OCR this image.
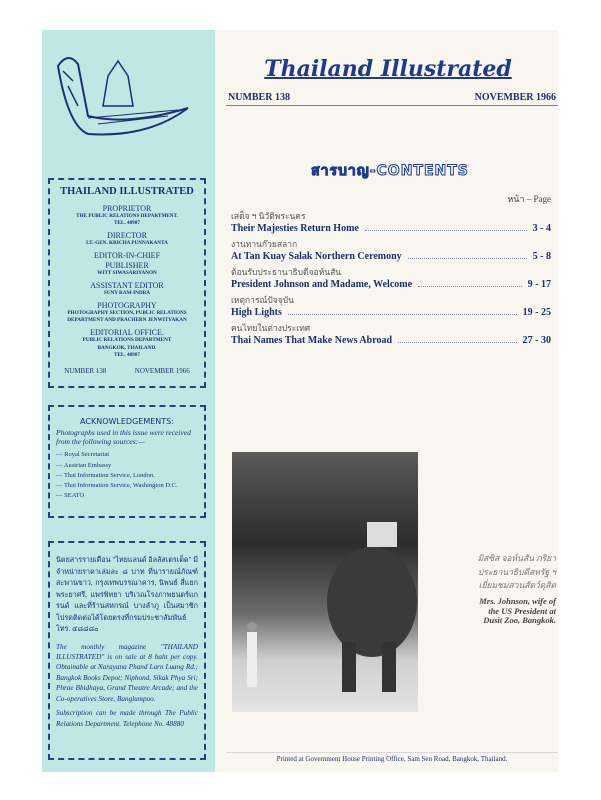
THAILAND ILLUSTRATED

PROPRIETOR

THE PUBLIC RELATIONS DEPARTMENT.

TEL. 40987

DIRECTOR

LT.-GEN. KRICHA PUNNAKANTA

EDITOR-IN-CHIEF

PUBLISHER

WITT SIWASARIYANON

ASSISTANT EDITOR

SUNY RAM-INDRA

PHOTOGRAPHY

PHOTOGRAPHY SECTION, PUBLIC RELATIONS

DEPARTMENT AND PRACHERN JENWITYAKAN

EDITORIAL OFFICE.

PUBLIC RELATIONS DEPARTMENT

BANGKOK, THAILAND.

TEL. 40987

NUMBER 138	NOVEMBER 1966

ACKNOWLEDGEMENTS:

Photographs used in this issue were received from the following sources:—

— Royal Secretariat
— Austrian Embassy
— Thai Information Service, London.
— Thai Information Service, Washington D.C.
— SEATO

นิตยสารรายเดือน "ไทยแลนด์ อิลลัสเตรเต็ด" มีจำหน่ายราคาเล่มละ ๘ บาท ที่นารายณ์ภัณฑ์ สะพานขาว, กรุงเทพบรรณาคาร, นิพนธ์ สี่แยกพระยาศรี, แพร่พิทยา บริเวณโรงภาพยนตร์แกรนด์ และที่ร้านสหกรณ์ บางลำภู เป็นสมาชิกโปรดติดต่อได้โดยตรงที่กรมประชาสัมพันธ์ โทร. ๔๘๘๘๐

The monthly magazine "THAILAND ILLUSTRATED" is on sale at 8 baht per copy. Obtainable at Narayana Phand Larn Luang Rd.; Bangkok Books Depot; Niphond, Sikak Phya Sri; Phrae Bhidhaya, Grand Theatre Arcade; and the Co-operatives Store, Banglumpoo.

Subscription can be made through The Public Relations Department. Telephone No. 48880

Thailand Illustrated
NUMBER 138	NOVEMBER 1966
สารบาญ-CONTENTS
หน้า – Page
เสด็จ ฯ นิวัติพระนคร
Their Majesties Return Home	3 - 4
งานทานก๊วยสลาก
At Tan Kuay Salak Northern Ceremony	5 - 8
ต้อนรับประธานาธิบดีจอห์นสัน
President Johnson and Madame, Welcome	9 - 17
เหตุการณ์ปัจจุบัน
High Lights	19 - 25
คนไทยในต่างประเทศ
Thai Names That Make News Abroad	27 - 30

มิสซิส จอห์นสัน ภริยาประธานาธิบดีสหรัฐ ฯ เยี่ยมชมสวนสัตว์ดุสิต

Mrs. Johnson, wife of the US President at Dusit Zoo, Bangkok.

Printed at Government House Printing Office, Sam Sen Road, Bangkok, Thailand.
